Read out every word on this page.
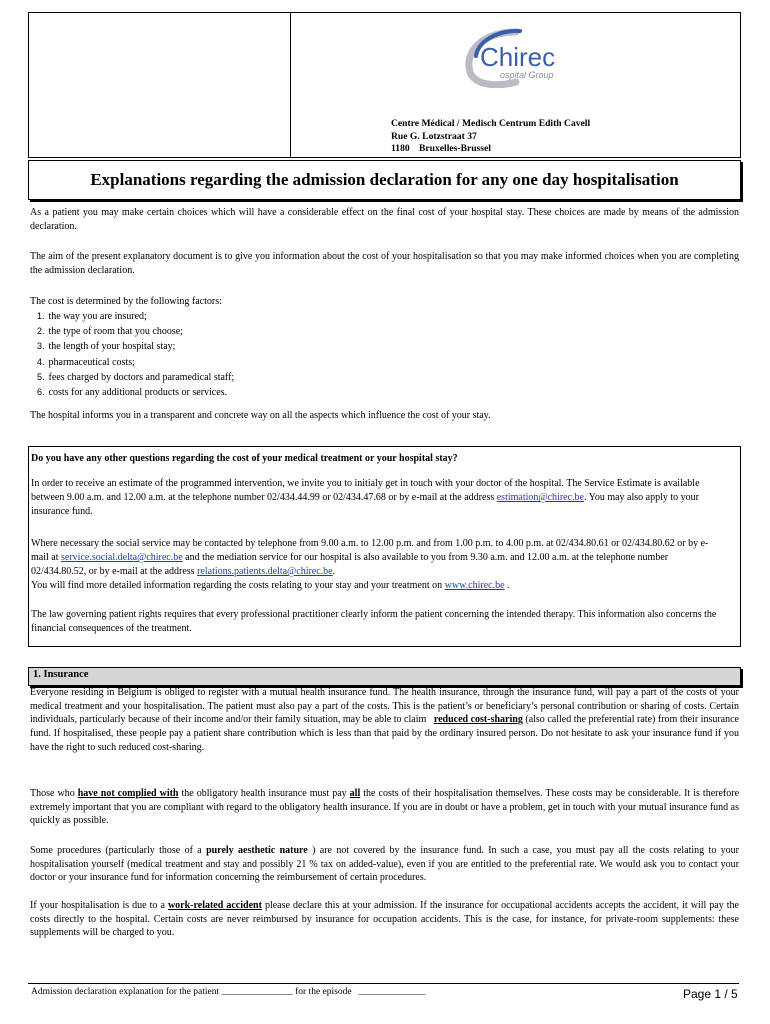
Chirec
ospital Group
Centre Médical / Medisch Centrum Edith Cavell
Rue G. Lotzstraat 37
1180 Bruxelles-Brussel
Explanations regarding the admission declaration for any one day hospitalisation

As a patient you may make certain choices which will have a considerable effect on the final cost of your hospital stay. These choices are made by means of the admission declaration.

The aim of the present explanatory document is to give you information about the cost of your hospitalisation so that you may make informed choices when you are completing the admission declaration.

The cost is determined by the following factors:

1. the way you are insured;
2. the type of room that you choose;
3. the length of your hospital stay;
4. pharmaceutical costs;
5. fees charged by doctors and paramedical staff;
6. costs for any additional products or services.

The hospital informs you in a transparent and concrete way on all the aspects which influence the cost of your stay.

Do you have any other questions regarding the cost of your medical treatment or your hospital stay?
In order to receive an estimate of the programmed intervention, we invite you to initialy get in touch with your doctor of the hospital. The Service Estimate is available between 9.00 a.m. and 12.00 a.m. at the telephone number 02/434.44.99 or 02/434.47.68 or by e-mail at the address estimation@chirec.be. You may also apply to your insurance fund.
Where necessary the social service may be contacted by telephone from 9.00 a.m. to 12.00 p.m. and from 1.00 p.m. to 4.00 p.m. at 02/434.80.61 or 02/434.80.62 or by e-mail at service.social.delta@chirec.be and the mediation service for our hospital is also available to you from 9.30 a.m. and 12.00 a.m. at the telephone number 02/434.80.52, or by e-mail at the address relations.patients.delta@chirec.be.
You will find more detailed information regarding the costs relating to your stay and your treatment on www.chirec.be .
The law governing patient rights requires that every professional practitioner clearly inform the patient concerning the intended therapy. This information also concerns the financial consequences of the treatment.
1. Insurance
Everyone residing in Belgium is obliged to register with a mutual health insurance fund. The health insurance, through the insurance fund, will pay a part of the costs of your medical treatment and your hospitalisation. The patient must also pay a part of the costs. This is the patient’s or beneficiary’s personal contribution or sharing of costs. Certain individuals, particularly because of their income and/or their family situation, may be able to claim reduced cost-sharing (also called the preferential rate) from their insurance fund. If hospitalised, these people pay a patient share contribution which is less than that paid by the ordinary insured person. Do not hesitate to ask your insurance fund if you have the right to such reduced cost-sharing.
Those who have not complied with the obligatory health insurance must pay all the costs of their hospitalisation themselves. These costs may be considerable. It is therefore extremely important that you are compliant with regard to the obligatory health insurance. If you are in doubt or have a problem, get in touch with your mutual insurance fund as quickly as possible.
Some procedures (particularly those of a purely aesthetic nature ) are not covered by the insurance fund. In such a case, you must pay all the costs relating to your hospitalisation yourself (medical treatment and stay and possibly 21 % tax on added-value), even if you are entitled to the preferential rate. We would ask you to contact your doctor or your insurance fund for information concerning the reimbursement of certain procedures.
If your hospitalisation is due to a work-related accident please declare this at your admission. If the insurance for occupational accidents accepts the accident, it will pay the costs directly to the hospital. Certain costs are never reimbursed by insurance for occupation accidents. This is the case, for instance, for private-room supplements: these supplements will be charged to you.
Admission declaration explanation for the patient _______________ for the episode ______________	Page 1 / 5
